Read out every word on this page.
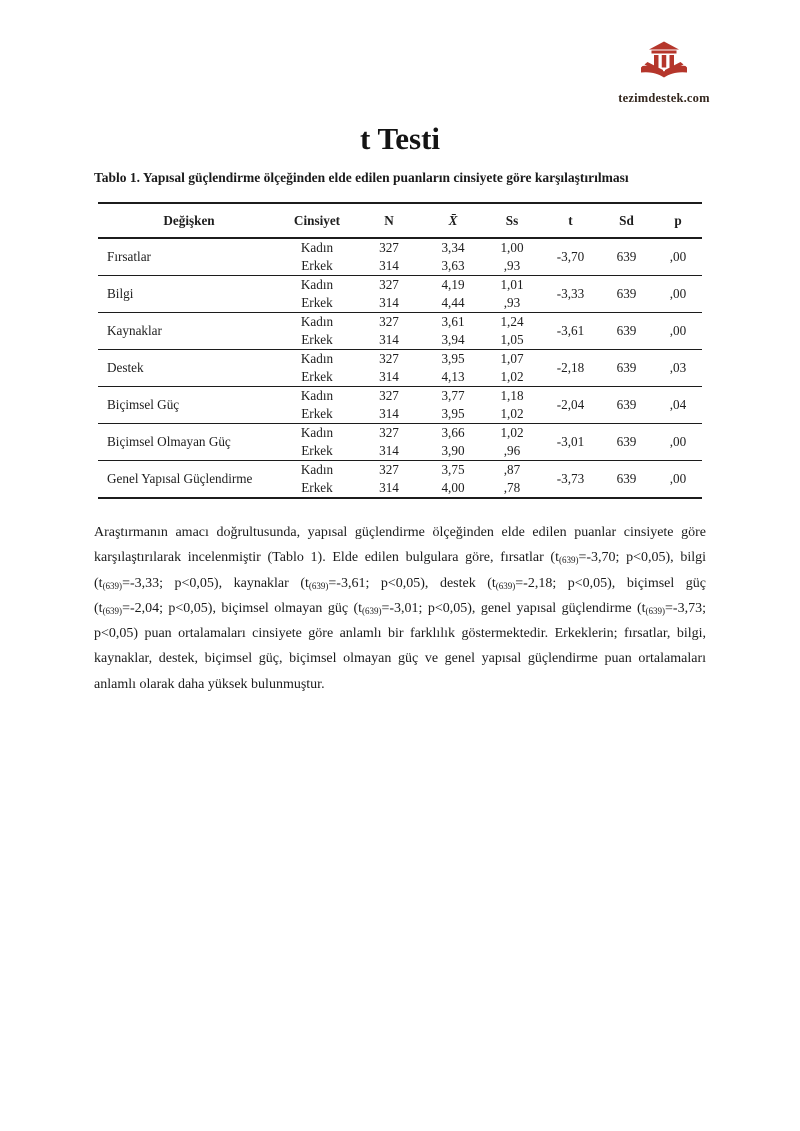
tezimdestek.com
t Testi
Tablo 1. Yapısal güçlendirme ölçeğinden elde edilen puanların cinsiyete göre karşılaştırılması
Değişken	Cinsiyet	N	X̄	Ss	t	Sd	p
Fırsatlar	Kadın	327	3,34	1,00	-3,70	639	,00
	Erkek	314	3,63	,93			
Bilgi	Kadın	327	4,19	1,01	-3,33	639	,00
	Erkek	314	4,44	,93			
Kaynaklar	Kadın	327	3,61	1,24	-3,61	639	,00
	Erkek	314	3,94	1,05			
Destek	Kadın	327	3,95	1,07	-2,18	639	,03
	Erkek	314	4,13	1,02			
Biçimsel Güç	Kadın	327	3,77	1,18	-2,04	639	,04
	Erkek	314	3,95	1,02			
Biçimsel Olmayan Güç	Kadın	327	3,66	1,02	-3,01	639	,00
	Erkek	314	3,90	,96			
Genel Yapısal Güçlendirme	Kadın	327	3,75	,87	-3,73	639	,00
	Erkek	314	4,00	,78			

Araştırmanın amacı doğrultusunda, yapısal güçlendirme ölçeğinden elde edilen puanlar cinsiyete göre karşılaştırılarak incelenmiştir (Tablo 1). Elde edilen bulgulara göre, fırsatlar ($t_{(639)}=-3,70$; p<0,05), bilgi ($t_{(639)}=-3,33$; p<0,05), kaynaklar ($t_{(639)}=-3,61$; p<0,05), destek ($t_{(639)}=-2,18$; p<0,05), biçimsel güç ($t_{(639)}=-2,04$; p<0,05), biçimsel olmayan güç ($t_{(639)}=-3,01$; p<0,05), genel yapısal güçlendirme ($t_{(639)}=-3,73$; p<0,05) puan ortalamaları cinsiyete göre anlamlı bir farklılık göstermektedir. Erkeklerin; fırsatlar, bilgi, kaynaklar, destek, biçimsel güç, biçimsel olmayan güç ve genel yapısal güçlendirme puan ortalamaları anlamlı olarak daha yüksek bulunmuştur.
